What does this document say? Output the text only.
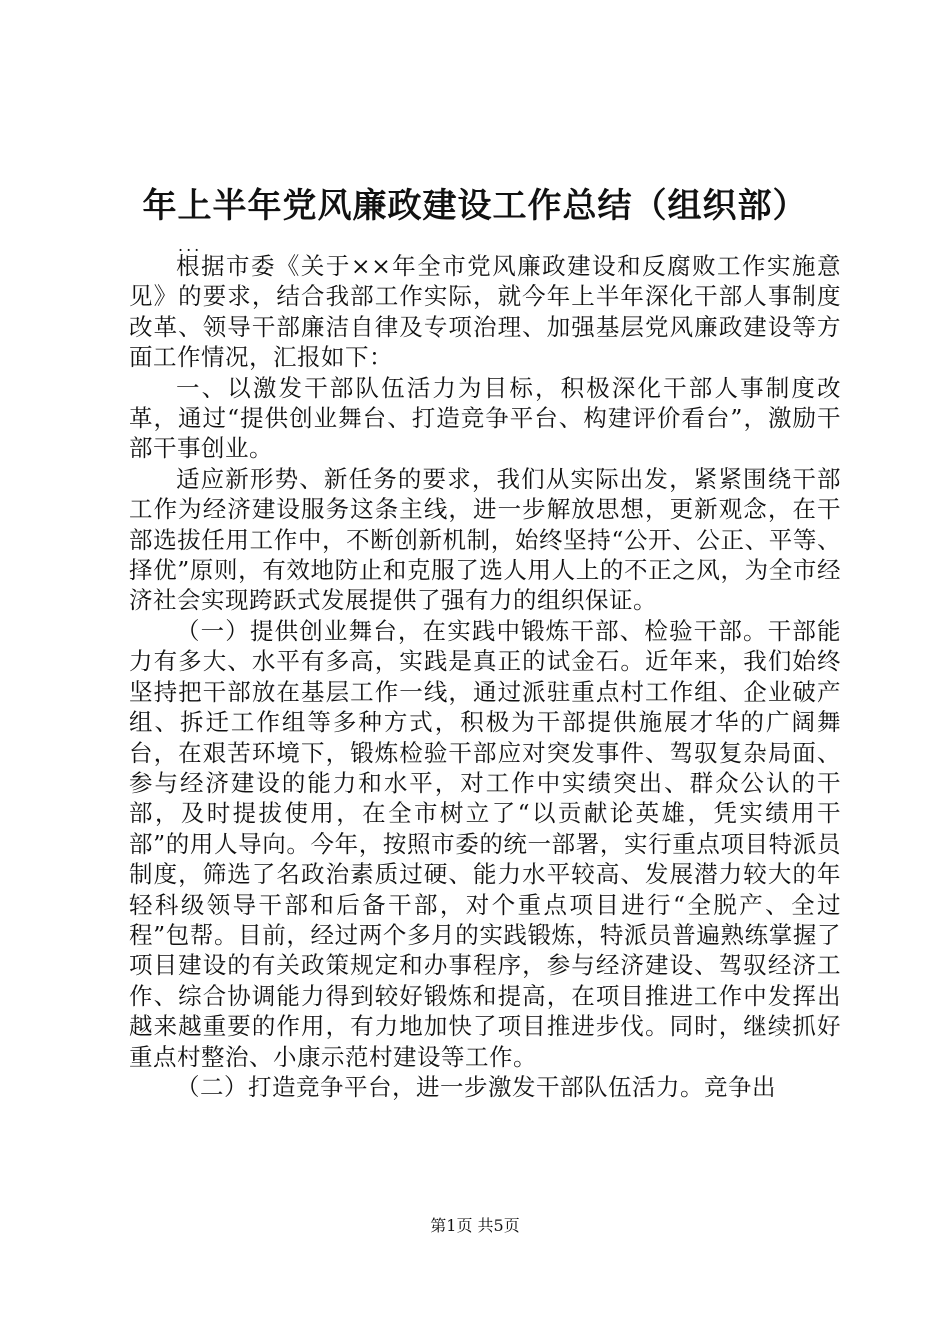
年上半年党风廉政建设工作总结（组织部）
...

根据市委《关于××年全市党风廉政建设和反腐败工作实施意见》的要求，结合我部工作实际，就今年上半年深化干部人事制度改革、领导干部廉洁自律及专项治理、加强基层党风廉政建设等方面工作情况，汇报如下：

一、以激发干部队伍活力为目标，积极深化干部人事制度改革，通过“提供创业舞台、打造竞争平台、构建评价看台”，激励干部干事创业。

适应新形势、新任务的要求，我们从实际出发，紧紧围绕干部工作为经济建设服务这条主线，进一步解放思想，更新观念，在干部选拔任用工作中，不断创新机制，始终坚持“公开、公正、平等、择优”原则，有效地防止和克服了选人用人上的不正之风，为全市经济社会实现跨跃式发展提供了强有力的组织保证。

（一）提供创业舞台，在实践中锻炼干部、检验干部。干部能力有多大、水平有多高，实践是真正的试金石。近年来，我们始终坚持把干部放在基层工作一线，通过派驻重点村工作组、企业破产组、拆迁工作组等多种方式，积极为干部提供施展才华的广阔舞台，在艰苦环境下，锻炼检验干部应对突发事件、驾驭复杂局面、参与经济建设的能力和水平，对工作中实绩突出、群众公认的干部，及时提拔使用，在全市树立了“以贡献论英雄，凭实绩用干部”的用人导向。今年，按照市委的统一部署，实行重点项目特派员制度，筛选了名政治素质过硬、能力水平较高、发展潜力较大的年轻科级领导干部和后备干部，对个重点项目进行“全脱产、全过程”包帮。目前，经过两个多月的实践锻炼，特派员普遍熟练掌握了项目建设的有关政策规定和办事程序，参与经济建设、驾驭经济工作、综合协调能力得到较好锻炼和提高，在项目推进工作中发挥出越来越重要的作用，有力地加快了项目推进步伐。同时，继续抓好重点村整治、小康示范村建设等工作。

（二）打造竞争平台，进一步激发干部队伍活力。竞争出

第1页 共5页
